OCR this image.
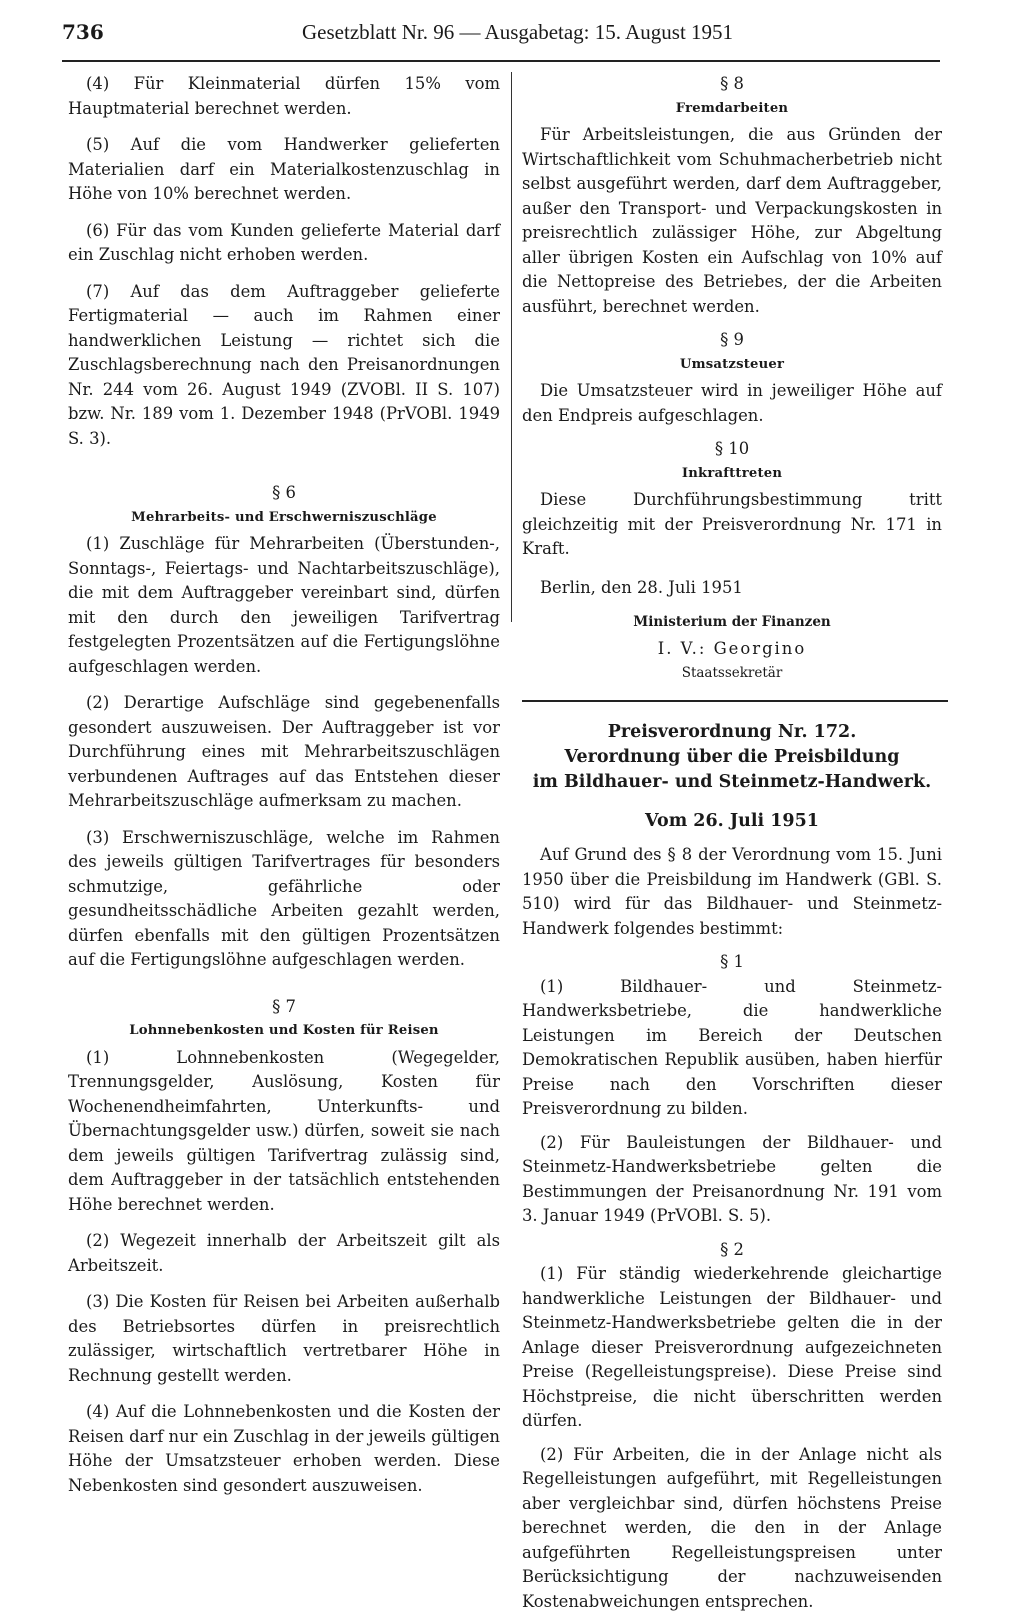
736	Gesetzblatt Nr. 96 — Ausgabetag: 15. August 1951

(4) Für Kleinmaterial dürfen 15% vom Hauptmaterial berechnet werden.

(5) Auf die vom Handwerker gelieferten Materialien darf ein Materialkostenzuschlag in Höhe von 10% berechnet werden.

(6) Für das vom Kunden gelieferte Material darf ein Zuschlag nicht erhoben werden.

(7) Auf das dem Auftraggeber gelieferte Fertigmaterial — auch im Rahmen einer handwerklichen Leistung — richtet sich die Zuschlagsberechnung nach den Preisanordnungen Nr. 244 vom 26. August 1949 (ZVOBl. II S. 107) bzw. Nr. 189 vom 1. Dezember 1948 (PrVOBl. 1949 S. 3).

§ 6
Mehrarbeits- und Erschwerniszuschläge

(1) Zuschläge für Mehrarbeiten (Überstunden-, Sonntags-, Feiertags- und Nachtarbeitszuschläge), die mit dem Auftraggeber vereinbart sind, dürfen mit den durch den jeweiligen Tarifvertrag festgelegten Prozentsätzen auf die Fertigungslöhne aufgeschlagen werden.

(2) Derartige Aufschläge sind gegebenenfalls gesondert auszuweisen. Der Auftraggeber ist vor Durchführung eines mit Mehrarbeitszuschlägen verbundenen Auftrages auf das Entstehen dieser Mehrarbeitszuschläge aufmerksam zu machen.

(3) Erschwerniszuschläge, welche im Rahmen des jeweils gültigen Tarifvertrages für besonders schmutzige, gefährliche oder gesundheitsschädliche Arbeiten gezahlt werden, dürfen ebenfalls mit den gültigen Prozentsätzen auf die Fertigungslöhne aufgeschlagen werden.

§ 7
Lohnnebenkosten und Kosten für Reisen

(1) Lohnnebenkosten (Wegegelder, Trennungsgelder, Auslösung, Kosten für Wochenendheimfahrten, Unterkunfts- und Übernachtungsgelder usw.) dürfen, soweit sie nach dem jeweils gültigen Tarifvertrag zulässig sind, dem Auftraggeber in der tatsächlich entstehenden Höhe berechnet werden.

(2) Wegezeit innerhalb der Arbeitszeit gilt als Arbeitszeit.

(3) Die Kosten für Reisen bei Arbeiten außerhalb des Betriebsortes dürfen in preisrechtlich zulässiger, wirtschaftlich vertretbarer Höhe in Rechnung gestellt werden.

(4) Auf die Lohnnebenkosten und die Kosten der Reisen darf nur ein Zuschlag in der jeweils gültigen Höhe der Umsatzsteuer erhoben werden. Diese Nebenkosten sind gesondert auszuweisen.

§ 8
Fremdarbeiten

Für Arbeitsleistungen, die aus Gründen der Wirtschaftlichkeit vom Schuhmacherbetrieb nicht selbst ausgeführt werden, darf dem Auftraggeber, außer den Transport- und Verpackungskosten in preisrechtlich zulässiger Höhe, zur Abgeltung aller übrigen Kosten ein Aufschlag von 10% auf die Nettopreise des Betriebes, der die Arbeiten ausführt, berechnet werden.

§ 9
Umsatzsteuer

Die Umsatzsteuer wird in jeweiliger Höhe auf den Endpreis aufgeschlagen.

§ 10
Inkrafttreten

Diese Durchführungsbestimmung tritt gleichzeitig mit der Preisverordnung Nr. 171 in Kraft.

Berlin, den 28. Juli 1951

Ministerium der Finanzen
I. V.: Georgino
Staatssekretär
Preisverordnung Nr. 172.
Verordnung über die Preisbildung
im Bildhauer- und Steinmetz-Handwerk.
Vom 26. Juli 1951

Auf Grund des § 8 der Verordnung vom 15. Juni 1950 über die Preisbildung im Handwerk (GBl. S. 510) wird für das Bildhauer- und Steinmetz-Handwerk folgendes bestimmt:

§ 1

(1) Bildhauer- und Steinmetz-Handwerksbetriebe, die handwerkliche Leistungen im Bereich der Deutschen Demokratischen Republik ausüben, haben hierfür Preise nach den Vorschriften dieser Preisverordnung zu bilden.

(2) Für Bauleistungen der Bildhauer- und Steinmetz-Handwerksbetriebe gelten die Bestimmungen der Preisanordnung Nr. 191 vom 3. Januar 1949 (PrVOBl. S. 5).

§ 2

(1) Für ständig wiederkehrende gleichartige handwerkliche Leistungen der Bildhauer- und Steinmetz-Handwerksbetriebe gelten die in der Anlage dieser Preisverordnung aufgezeichneten Preise (Regelleistungspreise). Diese Preise sind Höchstpreise, die nicht überschritten werden dürfen.

(2) Für Arbeiten, die in der Anlage nicht als Regelleistungen aufgeführt, mit Regelleistungen aber vergleichbar sind, dürfen höchstens Preise berechnet werden, die den in der Anlage aufgeführten Regelleistungspreisen unter Berücksichtigung der nachzuweisenden Kostenabweichungen entsprechen.
